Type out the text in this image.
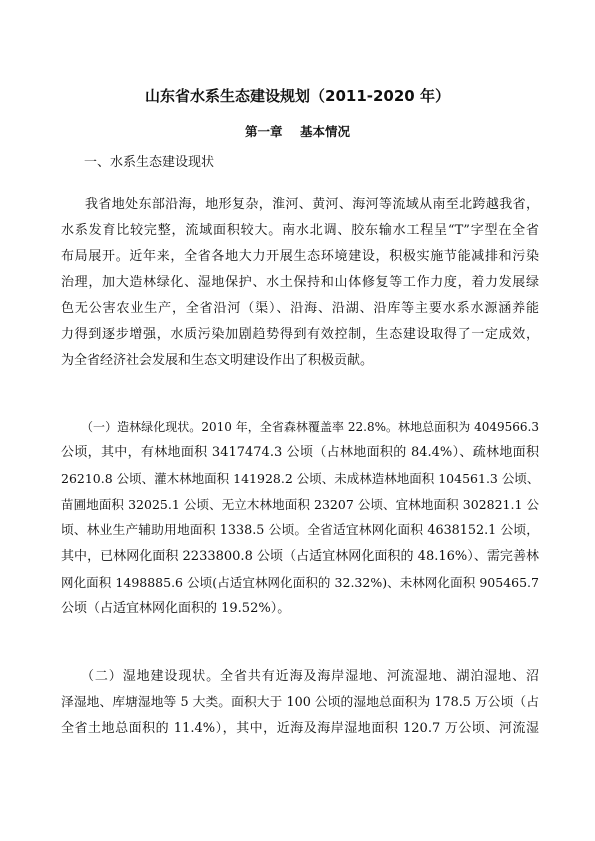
山东省水系生态建设规划（2011-2020 年）
第一章    基本情况
一、水系生态建设现状
我省地处东部沿海，地形复杂，淮河、黄河、海河等流域从南至北跨越我省，
水系发育比较完整，流域面积较大。南水北调、胶东输水工程呈“T”字型在全省
布局展开。近年来，全省各地大力开展生态环境建设，积极实施节能减排和污染
治理，加大造林绿化、湿地保护、水土保持和山体修复等工作力度，着力发展绿
色无公害农业生产，全省沿河（渠）、沿海、沿湖、沿库等主要水系水源涵养能
力得到逐步增强，水质污染加剧趋势得到有效控制，生态建设取得了一定成效，
为全省经济社会发展和生态文明建设作出了积极贡献。
（一）造林绿化现状。2010 年，全省森林覆盖率 22.8%。林地总面积为 4049566.3
公顷，其中，有林地面积 3417474.3 公顷（占林地面积的 84.4%）、疏林地面积
26210.8 公顷、灌木林地面积 141928.2 公顷、未成林造林地面积 104561.3 公顷、
苗圃地面积 32025.1 公顷、无立木林地面积 23207 公顷、宜林地面积 302821.1 公
顷、林业生产辅助用地面积 1338.5 公顷。全省适宜林网化面积 4638152.1 公顷，
其中，已林网化面积 2233800.8 公顷（占适宜林网化面积的 48.16%）、需完善林
网化面积 1498885.6 公顷(占适宜林网化面积的 32.32%)、未林网化面积 905465.7
公顷（占适宜林网化面积的 19.52%）。
（二）湿地建设现状。全省共有近海及海岸湿地、河流湿地、湖泊湿地、沼
泽湿地、库塘湿地等 5 大类。面积大于 100 公顷的湿地总面积为 178.5 万公顷（占
全省土地总面积的 11.4%），其中，近海及海岸湿地面积 120.7 万公顷、河流湿
